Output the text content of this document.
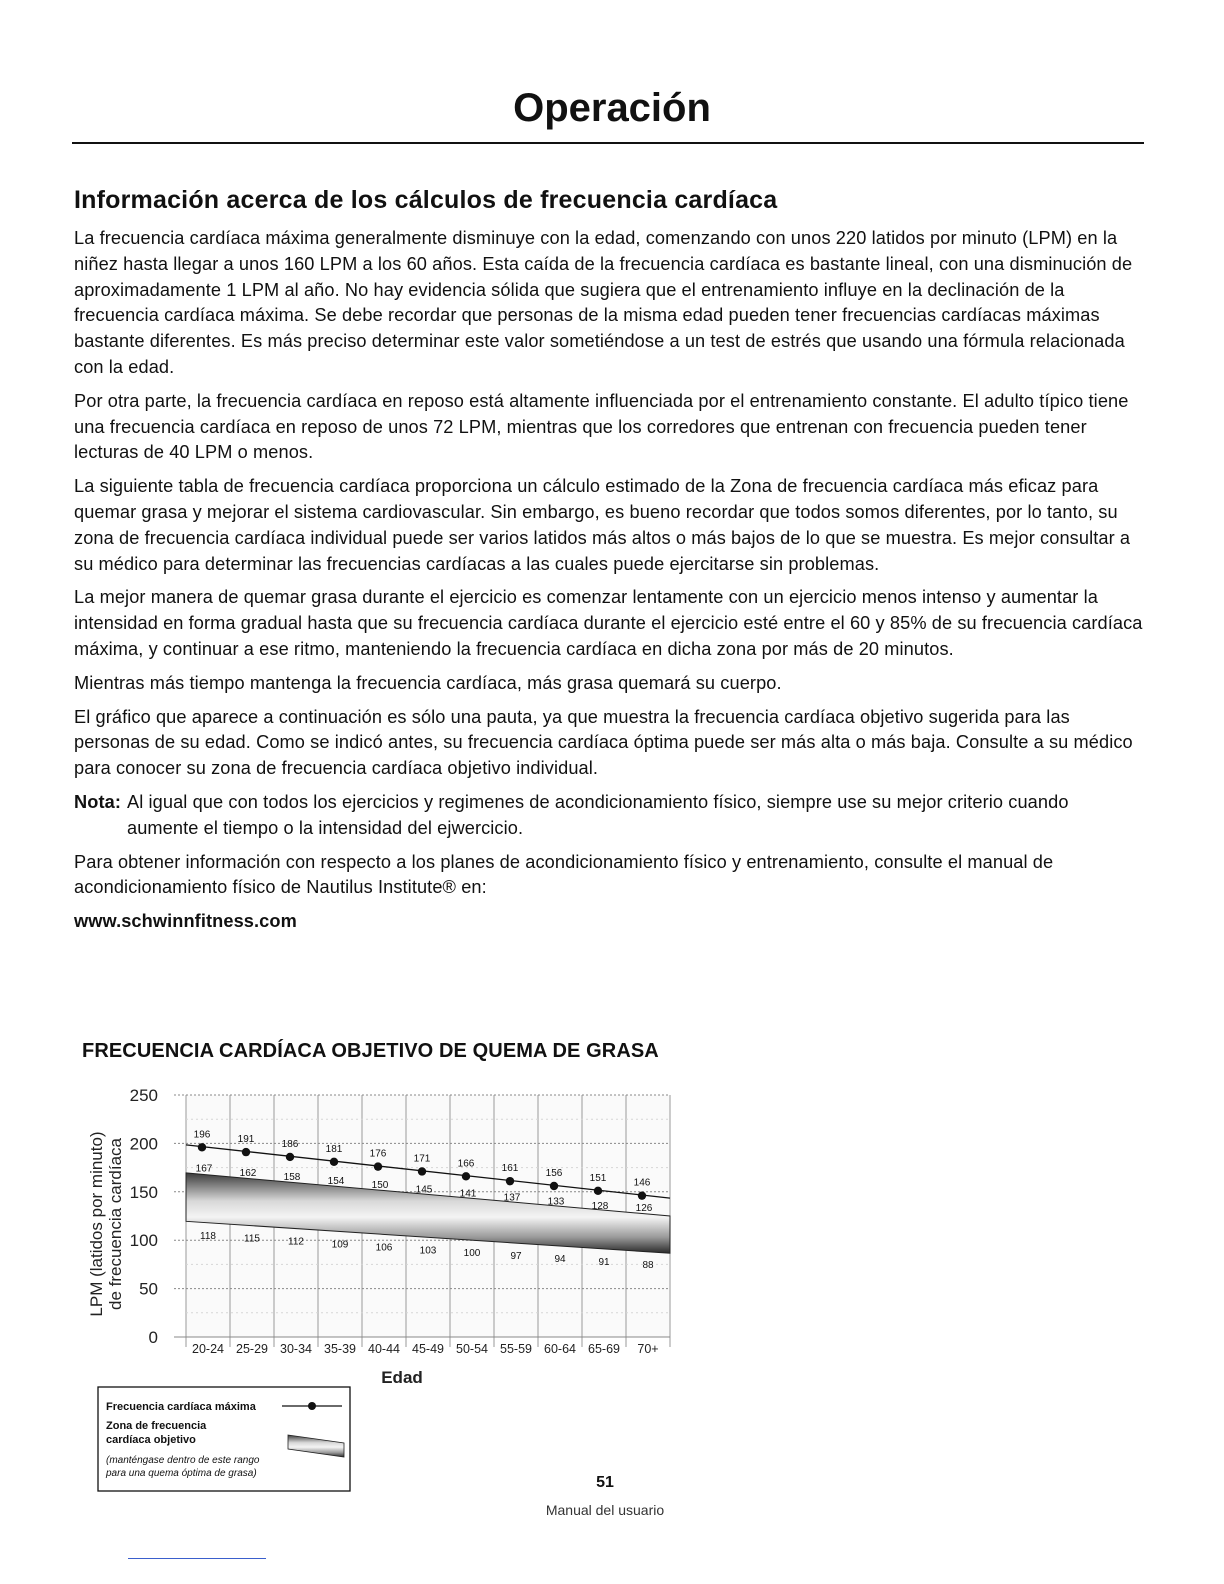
Operación
Información acerca de los cálculos de frecuencia cardíaca

La frecuencia cardíaca máxima generalmente disminuye con la edad, comenzando con unos 220 latidos por minuto (LPM) en la niñez hasta llegar a unos 160 LPM a los 60 años. Esta caída de la frecuencia cardíaca es bastante lineal, con una disminución de aproximadamente 1 LPM al año. No hay evidencia sólida que sugiera que el entrenamiento influye en la declinación de la frecuencia cardíaca máxima. Se debe recordar que personas de la misma edad pueden tener frecuencias cardíacas máximas bastante diferentes. Es más preciso determinar este valor sometiéndose a un test de estrés que usando una fórmula relacionada con la edad.

Por otra parte, la frecuencia cardíaca en reposo está altamente influenciada por el entrenamiento constante. El adulto típico tiene una frecuencia cardíaca en reposo de unos 72 LPM, mientras que los corredores que entrenan con frecuencia pueden tener lecturas de 40 LPM o menos.

La siguiente tabla de frecuencia cardíaca proporciona un cálculo estimado de la Zona de frecuencia cardíaca más eficaz para quemar grasa y mejorar el sistema cardiovascular. Sin embargo, es bueno recordar que todos somos diferentes, por lo tanto, su zona de frecuencia cardíaca individual puede ser varios latidos más altos o más bajos de lo que se muestra. Es mejor consultar a su médico para determinar las frecuencias cardíacas a las cuales puede ejercitarse sin problemas.

La mejor manera de quemar grasa durante el ejercicio es comenzar lentamente con un ejercicio menos intenso y aumentar la intensidad en forma gradual hasta que su frecuencia cardíaca durante el ejercicio esté entre el 60 y 85% de su frecuencia cardíaca máxima, y continuar a ese ritmo, manteniendo la frecuencia cardíaca en dicha zona por más de 20 minutos.

Mientras más tiempo mantenga la frecuencia cardíaca, más grasa quemará su cuerpo.

El gráfico que aparece a continuación es sólo una pauta, ya que muestra la frecuencia cardíaca objetivo sugerida para las personas de su edad. Como se indicó antes, su frecuencia cardíaca óptima puede ser más alta o más baja. Consulte a su médico para conocer su zona de frecuencia cardíaca objetivo individual.

Nota: Al igual que con todos los ejercicios y regimenes de acondicionamiento físico, siempre use su mejor criterio cuando aumente el tiempo o la intensidad del ejwercicio.

Para obtener información con respecto a los planes de acondicionamiento físico y entrenamiento, consulte el manual de acondicionamiento físico de Nautilus Institute® en:

www.schwinnfitness.com
FRECUENCIA CARDÍACA OBJETIVO DE QUEMA DE GRASA
0
50
100
150
200
250
196	191	186	181	176	171	166	161	156	151	146
167	162	158	154	150	145	141	137	133	128	126
118	115	112	109	106	103	100	97	94	91	88
20-24 25-29 30-34 35-39 40-44 45-49 50-54 55-59 60-64 65-69 70+
Edad
LPM (latidos por minuto) de frecuencia cardíaca
Frecuencia cardíaca máxima
Zona de frecuencia
cardíaca objetivo
(manténgase dentro de este rango
para una quema óptima de grasa)
51
Manual del usuario
